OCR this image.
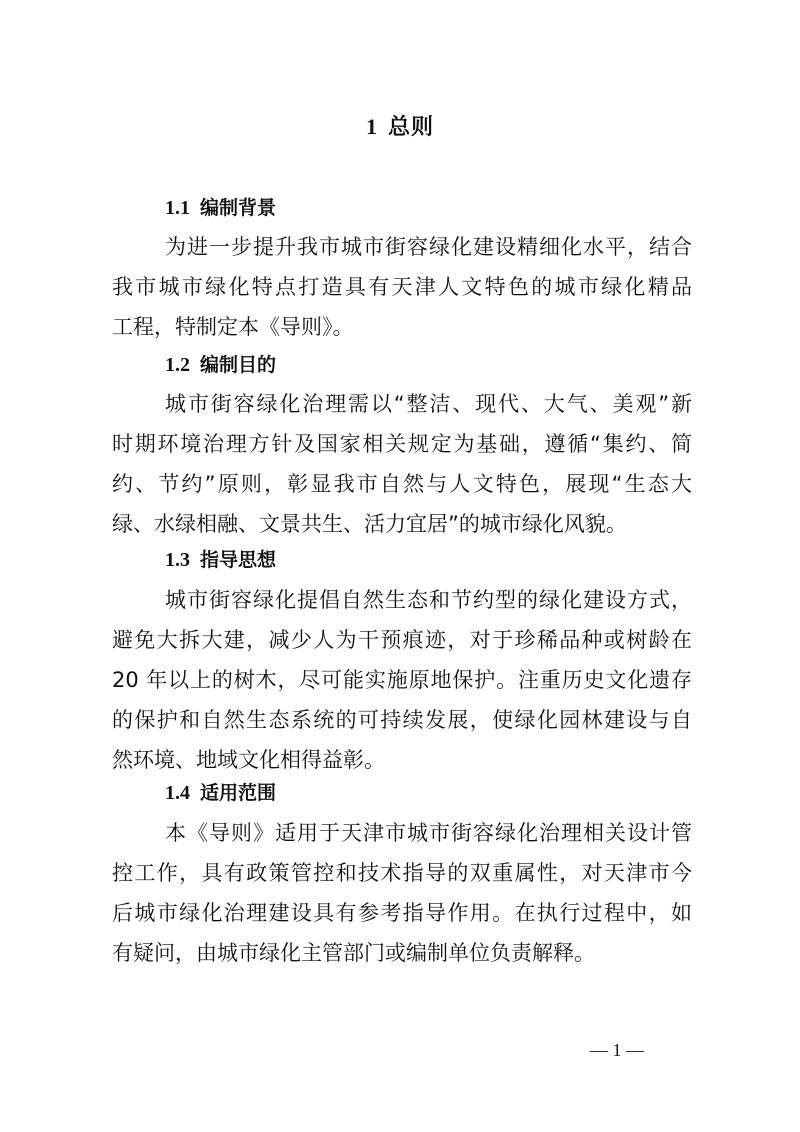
1 总则
1.1 编制背景
为进一步提升我市城市街容绿化建设精细化水平，结合
我市城市绿化特点打造具有天津人文特色的城市绿化精品
工程，特制定本《导则》。
1.2 编制目的
城市街容绿化治理需以“整洁、现代、大气、美观”新
时期环境治理方针及国家相关规定为基础，遵循“集约、简
约、节约”原则，彰显我市自然与人文特色，展现“生态大
绿、水绿相融、文景共生、活力宜居”的城市绿化风貌。
1.3 指导思想
城市街容绿化提倡自然生态和节约型的绿化建设方式，
避免大拆大建，减少人为干预痕迹，对于珍稀品种或树龄在
20 年以上的树木，尽可能实施原地保护。注重历史文化遗存
的保护和自然生态系统的可持续发展，使绿化园林建设与自
然环境、地域文化相得益彰。
1.4 适用范围
本《导则》适用于天津市城市街容绿化治理相关设计管
控工作，具有政策管控和技术指导的双重属性，对天津市今
后城市绿化治理建设具有参考指导作用。在执行过程中，如
有疑问，由城市绿化主管部门或编制单位负责解释。
— 1 —
